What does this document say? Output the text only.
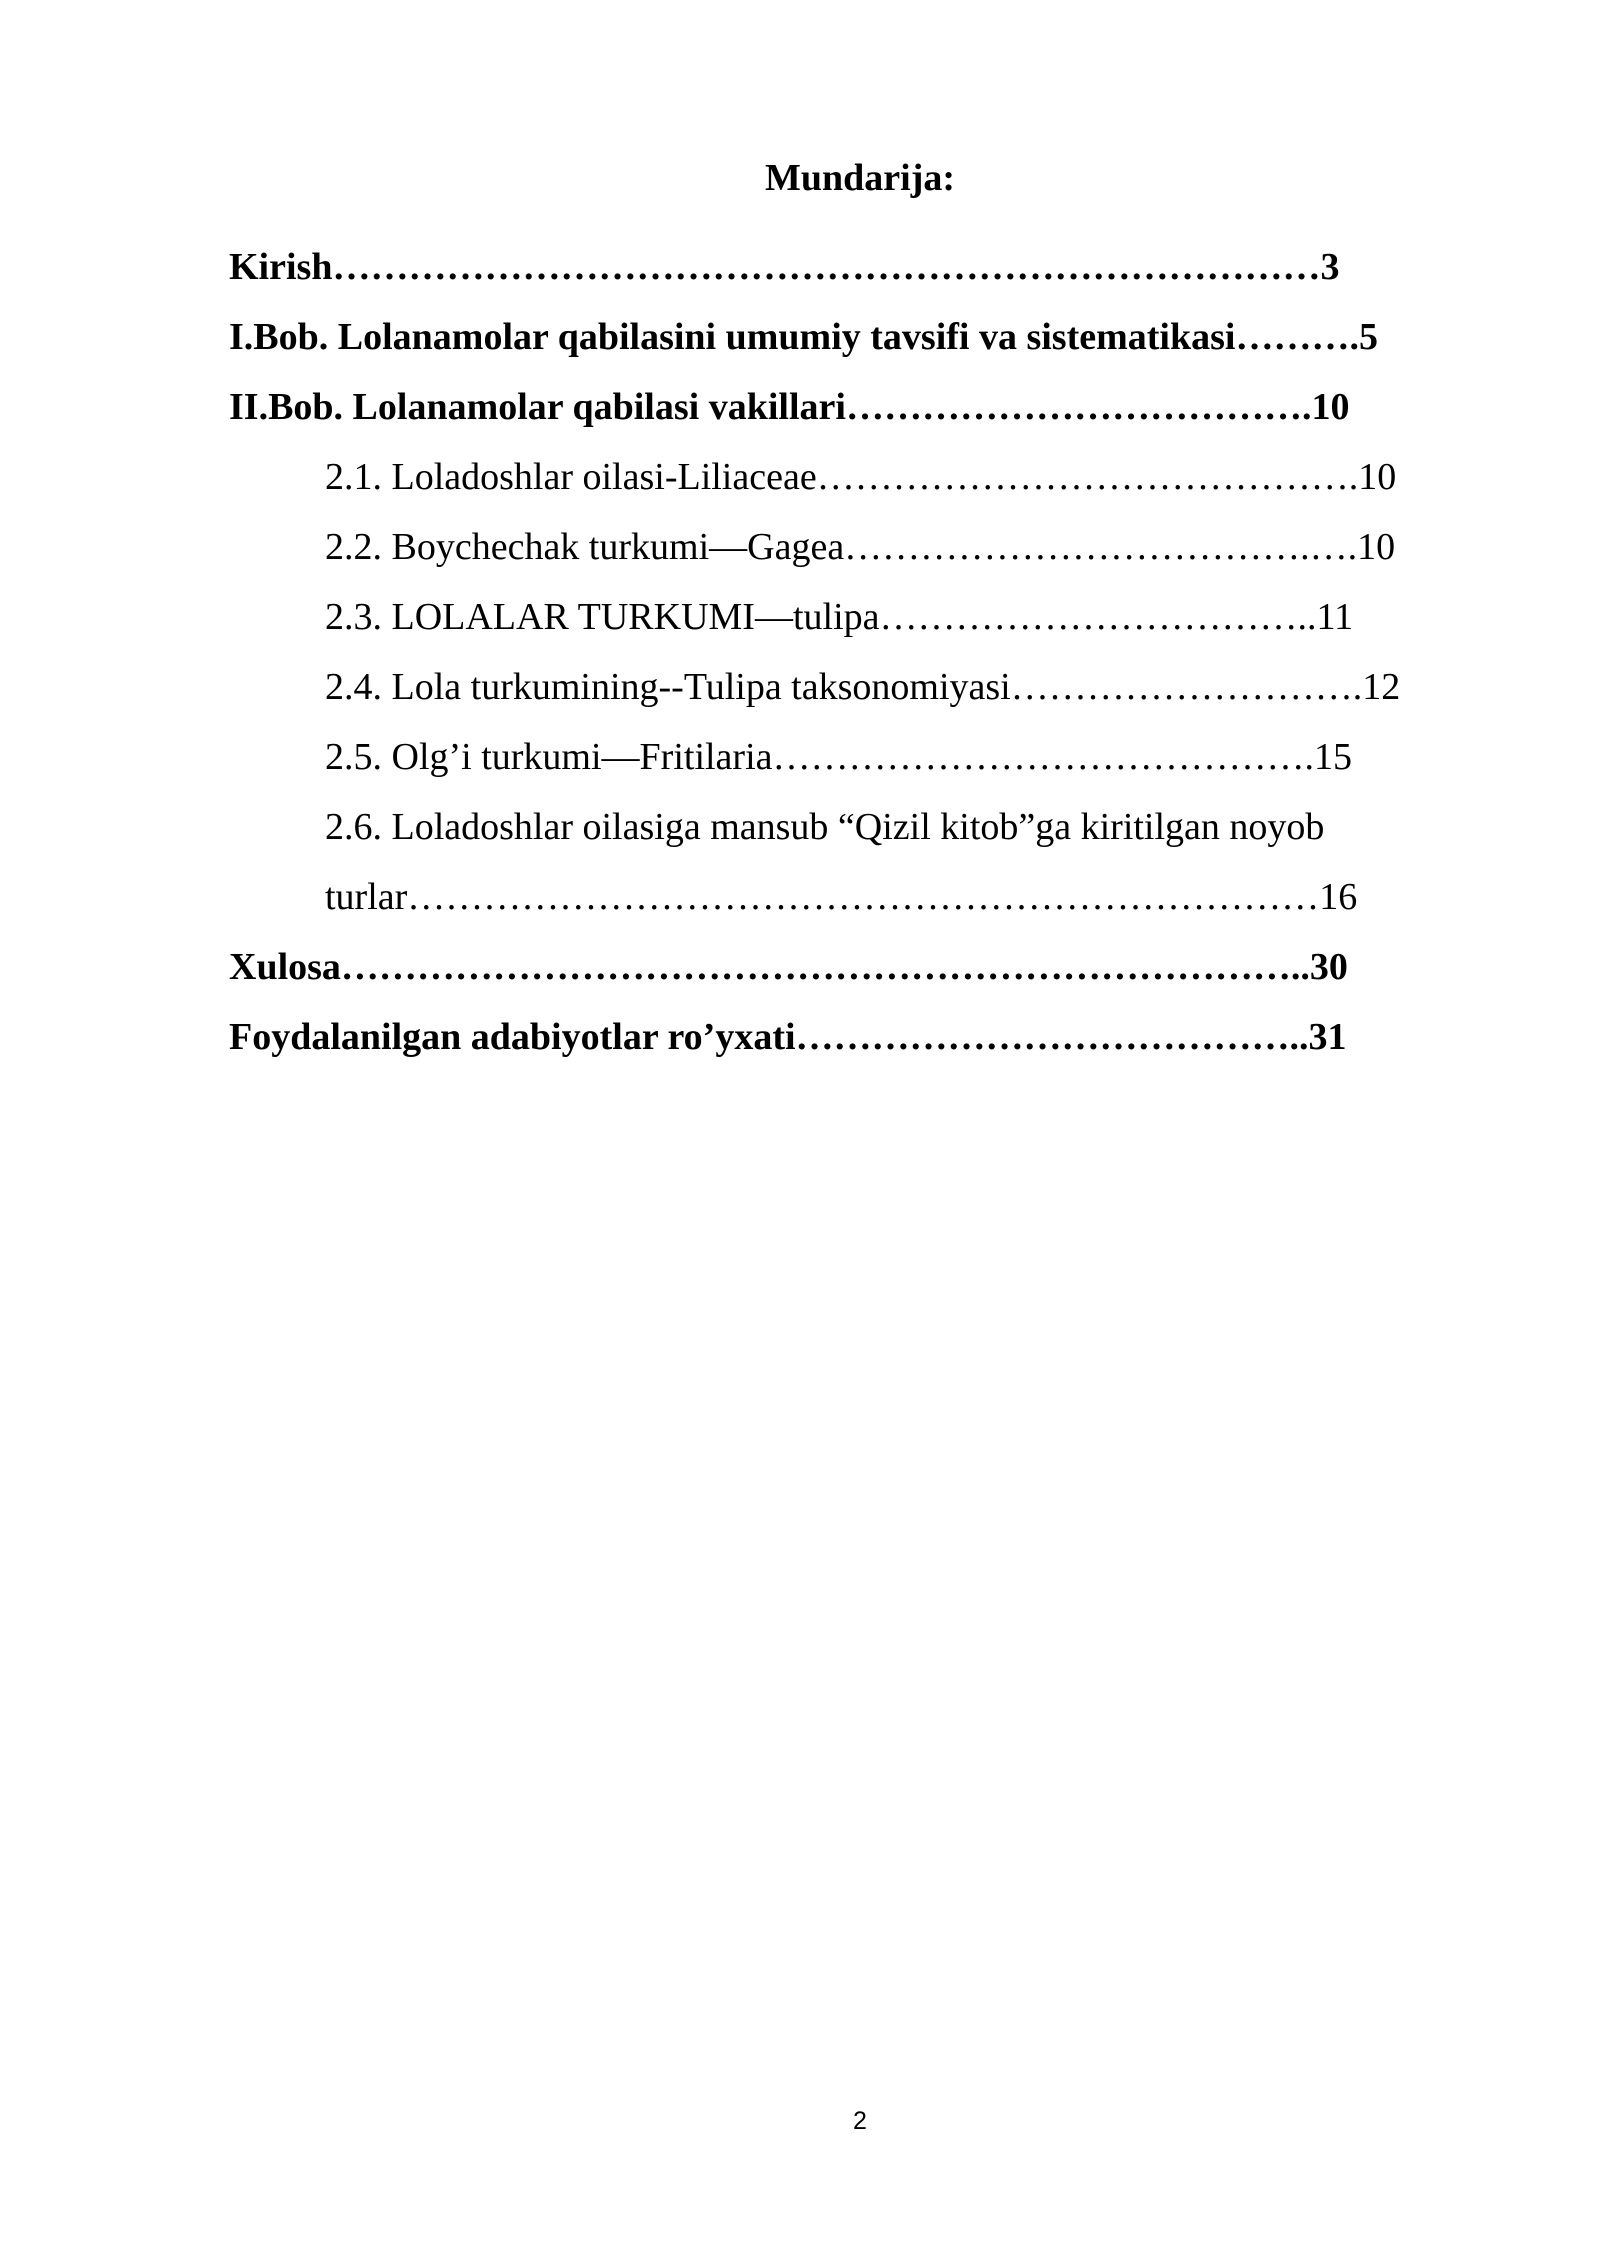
Mundarija:
Kirish……………………………………………………………………3
I.Bob. Lolanamolar qabilasini umumiy tavsifi va sistematikasi……….5
II.Bob. Lolanamolar qabilasi vakillari……………………………….10
2.1. Loladoshlar oilasi-Liliaceae…………………………………….10
2.2. Boychechak turkumi—Gagea……………………………….….10
2.3. LOLALAR TURKUMI—tulipa……………………………..11
2.4. Lola turkumining--Tulipa taksonomiyasi……………………….12
2.5. Olg’i turkumi—Fritilaria…………………………………….15
2.6. Loladoshlar oilasiga mansub “Qizil kitob”ga kiritilgan noyob
turlar………………………………………………………………16
Xulosa…………………………………………………………………..30
Foydalanilgan adabiyotlar ro’yxati…………………………………..31
2
